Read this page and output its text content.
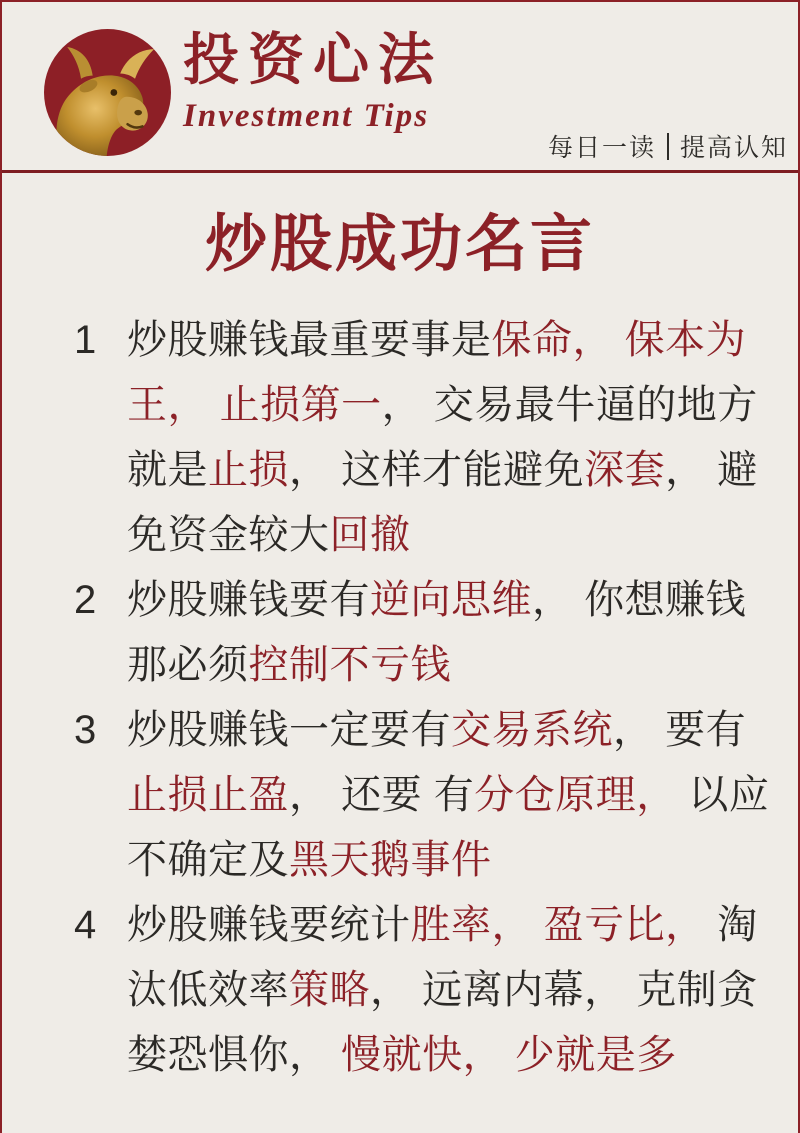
投资心法
Investment Tips
每日一读 提高认知
炒股成功名言
1 炒股赚钱最重要事是保命， 保本为
王， 止损第一， 交易最牛逼的地方
就是止损， 这样才能避免深套， 避
免资金较大回撤
2 炒股赚钱要有逆向思维， 你想赚钱
那必须控制不亏钱
3 炒股赚钱一定要有交易系统， 要有
止损止盈， 还要 有分仓原理， 以应
不确定及黑天鹅事件
4 炒股赚钱要统计胜率， 盈亏比， 淘
汰低效率策略， 远离内幕， 克制贪
婪恐惧你， 慢就快， 少就是多
